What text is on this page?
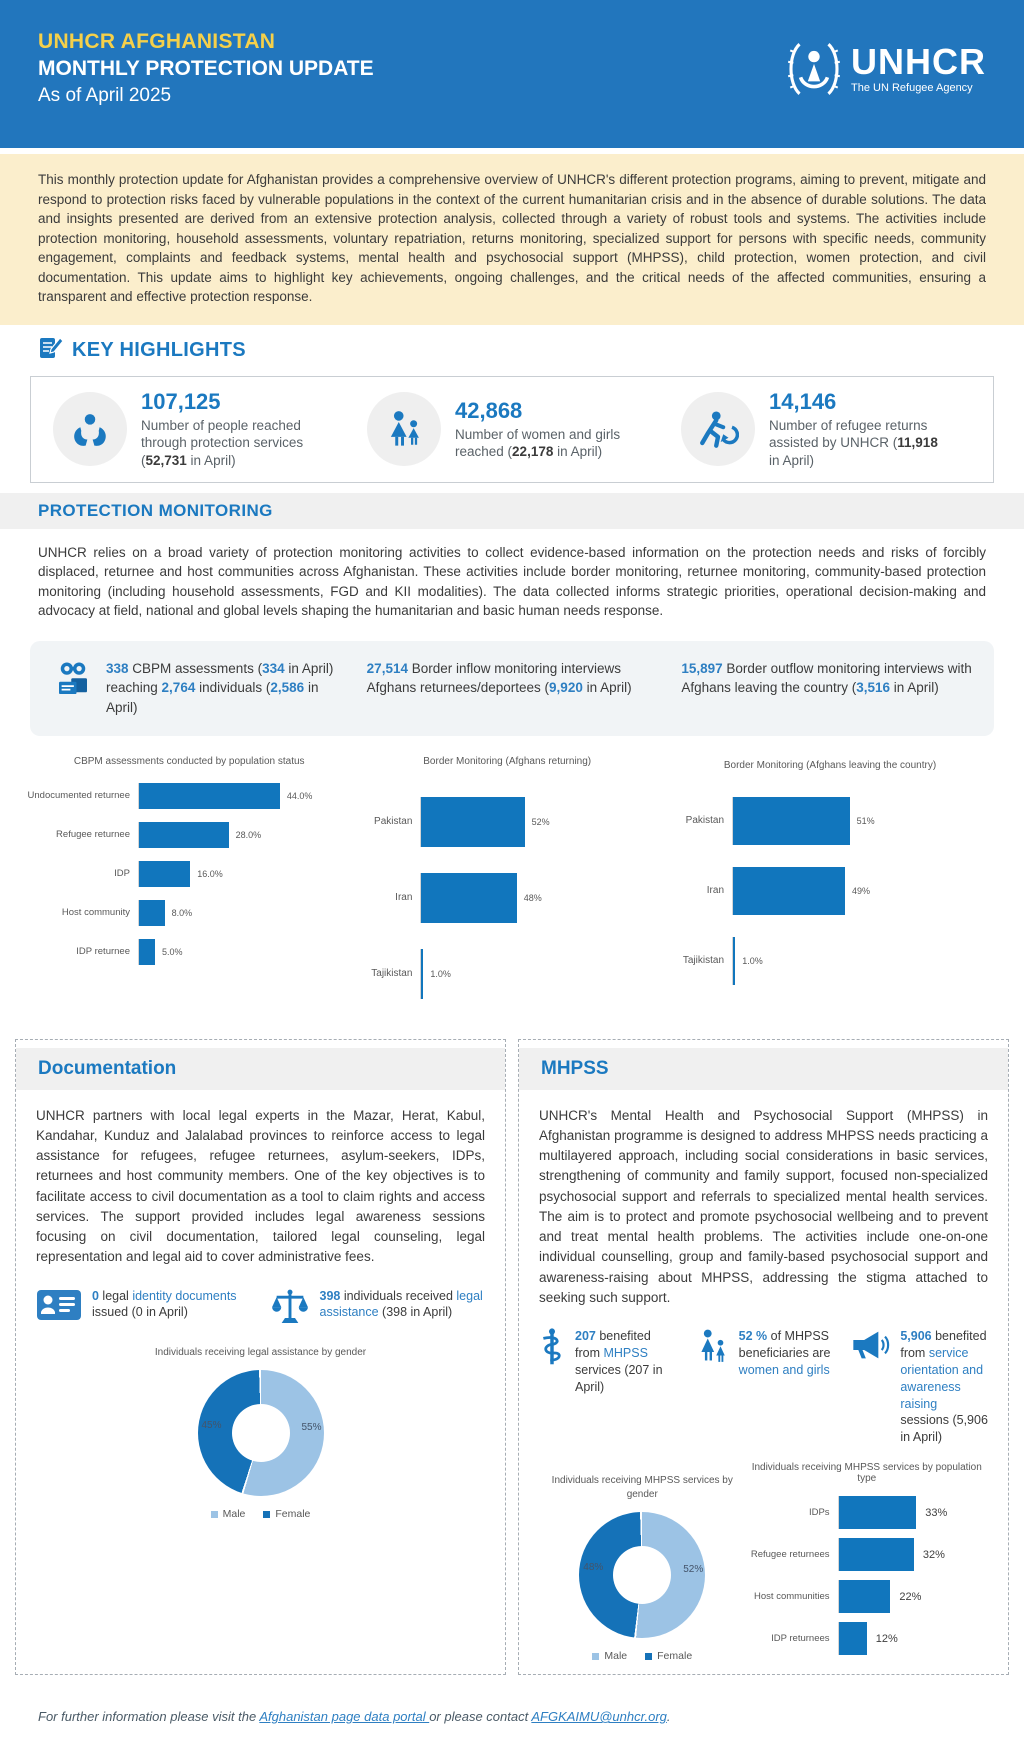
UNHCR AFGHANISTAN
MONTHLY PROTECTION UPDATE
As of April 2025
UNHCR
The UN Refugee Agency
This monthly protection update for Afghanistan provides a comprehensive overview of UNHCR's different protection programs, aiming to prevent, mitigate and respond to protection risks faced by vulnerable populations in the context of the current humanitarian crisis and in the absence of durable solutions. The data and insights presented are derived from an extensive protection analysis, collected through a variety of robust tools and systems. The activities include protection monitoring, household assessments, voluntary repatriation, returns monitoring, specialized support for persons with specific needs, community engagement, complaints and feedback systems, mental health and psychosocial support (MHPSS), child protection, women protection, and civil documentation. This update aims to highlight key achievements, ongoing challenges, and the critical needs of the affected communities, ensuring a transparent and effective protection response.
KEY HIGHLIGHTS
107,125
Number of people reached through protection services (52,731 in April)
42,868
Number of women and girls reached (22,178 in April)
14,146
Number of refugee returns assisted by UNHCR (11,918 in April)
PROTECTION MONITORING
UNHCR relies on a broad variety of protection monitoring activities to collect evidence-based information on the protection needs and risks of forcibly displaced, returnee and host communities across Afghanistan. These activities include border monitoring, returnee monitoring, community-based protection monitoring (including household assessments, FGD and KII modalities). The data collected informs strategic priorities, operational decision-making and advocacy at field, national and global levels shaping the humanitarian and basic human needs response.
338 CBPM assessments (334 in April) reaching 2,764 individuals (2,586 in April)
27,514 Border inflow monitoring interviews Afghans returnees/deportees (9,920 in April)
15,897 Border outflow monitoring interviews with Afghans leaving the country (3,516 in April)
CBPM assessments conducted by population status
Undocumented returnee	44.0%
Refugee returnee	28.0%
IDP	16.0%
Host community	8.0%
IDP returnee	5.0%
Border Monitoring (Afghans returning)
Pakistan	52%
Iran	48%
Tajikistan	1.0%
Border Monitoring (Afghans leaving the country)
Pakistan	51%
Iran	49%
Tajikistan	1.0%
Documentation

UNHCR partners with local legal experts in the Mazar, Herat, Kabul, Kandahar, Kunduz and Jalalabad provinces to reinforce access to legal assistance for refugees, refugee returnees, asylum-seekers, IDPs, returnees and host community members. One of the key objectives is to facilitate access to civil documentation as a tool to claim rights and access services. The support provided includes legal awareness sessions focusing on civil documentation, tailored legal counseling, legal representation and legal aid to cover administrative fees.

0 legal identity documents issued (0 in April)
398 individuals received legal assistance (398 in April)
Individuals receiving legal assistance by gender
55%
45%
Male	Female
MHPSS

UNHCR's Mental Health and Psychosocial Support (MHPSS) in Afghanistan programme is designed to address MHPSS needs practicing a multilayered approach, including social considerations in basic services, strengthening of community and family support, focused non-specialized psychosocial support and referrals to specialized mental health services. The aim is to protect and promote psychosocial wellbeing and to prevent and treat mental health problems. The activities include one-on-one individual counselling, group and family-based psychosocial support and awareness-raising about MHPSS, addressing the stigma attached to seeking such support.

207 benefited from MHPSS services (207 in April)
52 % of MHPSS beneficiaries are women and girls
5,906 benefited from service orientation and awareness raising sessions (5,906 in April)
Individuals receiving MHPSS services by gender
52%
48%
Male	Female
Individuals receiving MHPSS services by population type
IDPs	33%
Refugee returnees	32%
Host communities	22%
IDP returnees	12%
For further information please visit the Afghanistan page data portal or please contact AFGKAIMU@unhcr.org.
